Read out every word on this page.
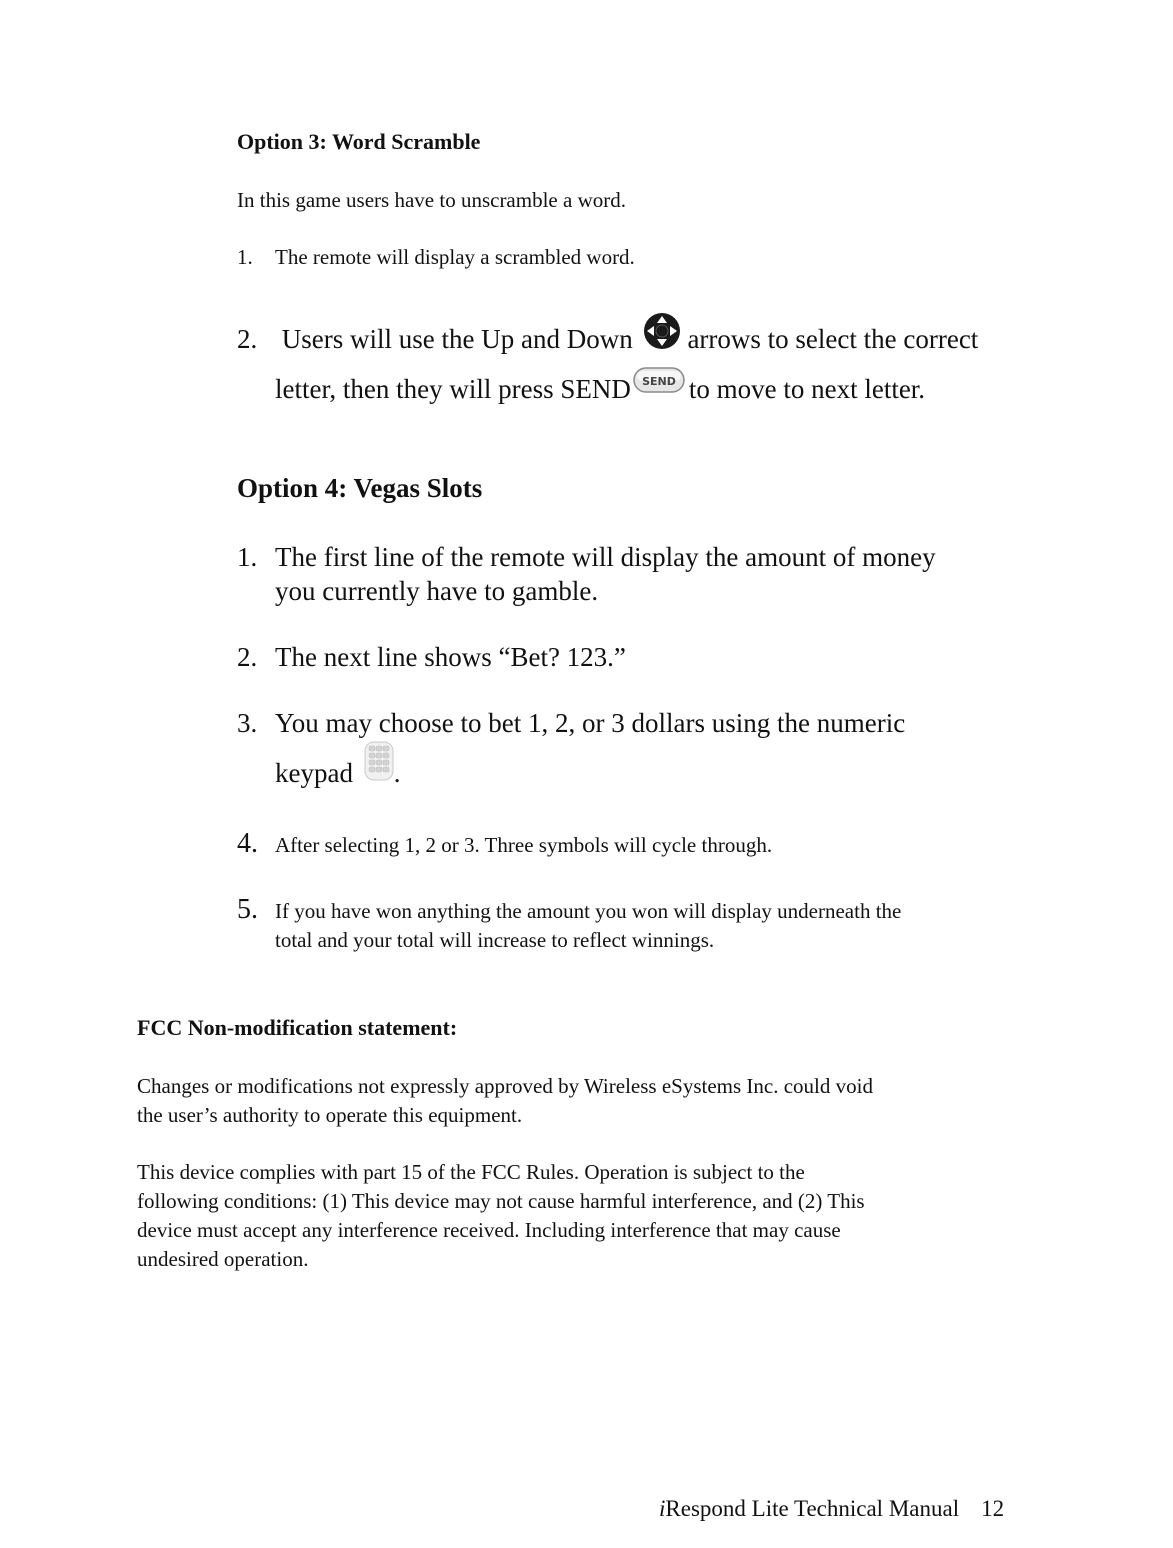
Option 3: Word Scramble
In this game users have to unscramble a word.
1. The remote will display a scrambled word.
2. Users will use the Up and Down arrows to select the correct
letter, then they will press SEND SEND to move to next letter.
Option 4: Vegas Slots
1. The first line of the remote will display the amount of money
you currently have to gamble.
2. The next line shows “Bet? 123.”
3. You may choose to bet 1, 2, or 3 dollars using the numeric
keypad .
4. After selecting 1, 2 or 3. Three symbols will cycle through.
5. If you have won anything the amount you won will display underneath the
total and your total will increase to reflect winnings.
FCC Non-modification statement:
Changes or modifications not expressly approved by Wireless eSystems Inc. could void
the user’s authority to operate this equipment.
This device complies with part 15 of the FCC Rules. Operation is subject to the
following conditions: (1) This device may not cause harmful interference, and (2) This
device must accept any interference received. Including interference that may cause
undesired operation.
iRespond Lite Technical Manual 12
